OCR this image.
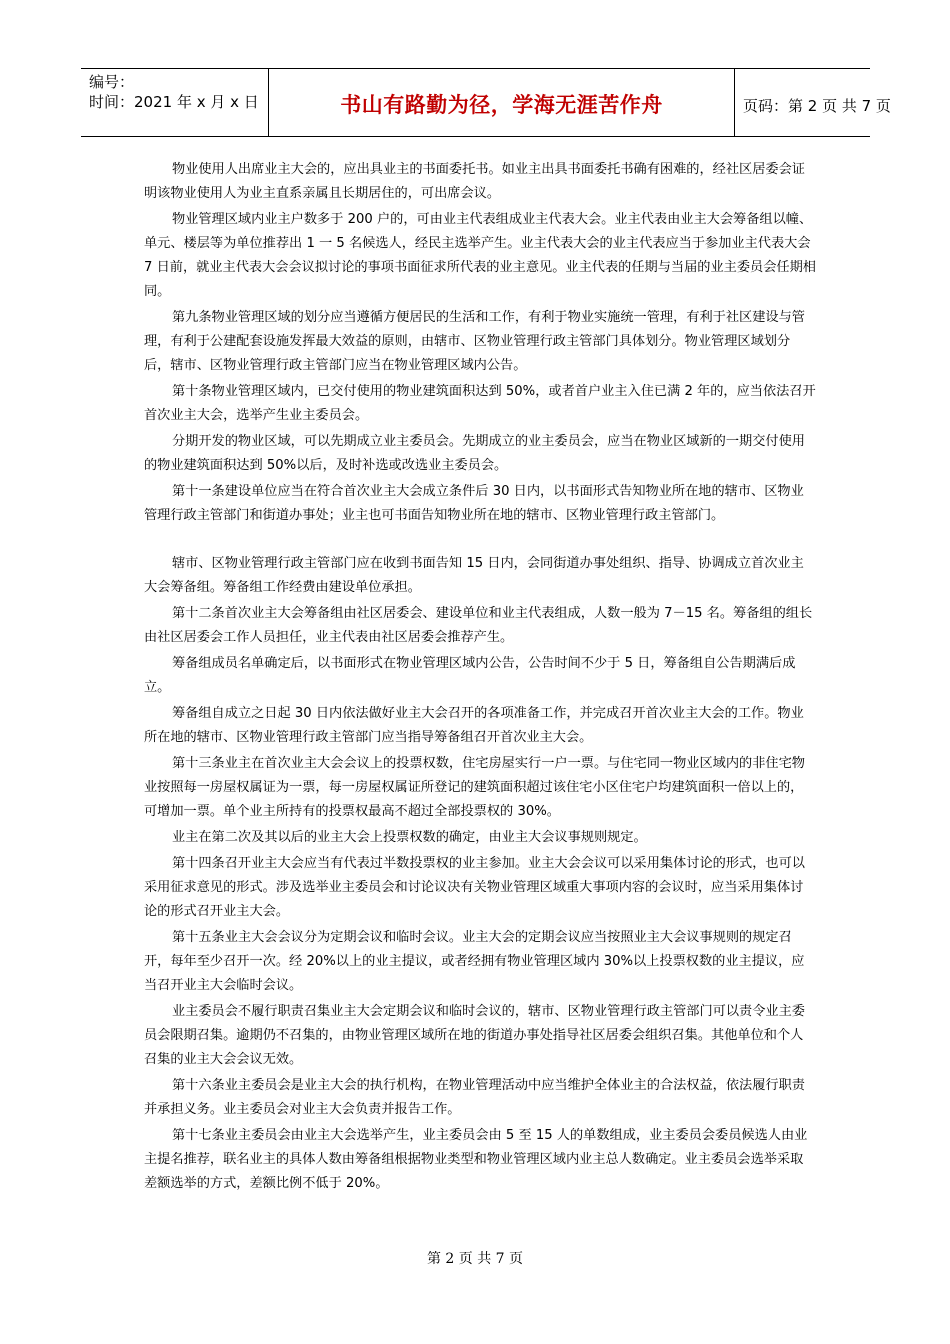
编号：
时间：2021 年 x 月 x 日	书山有路勤为径，学海无涯苦作舟	页码：第 2 页 共 7 页

物业使用人出席业主大会的，应出具业主的书面委托书。如业主出具书面委托书确有困难的，经社区居委会证明该物业使用人为业主直系亲属且长期居住的，可出席会议。

物业管理区域内业主户数多于 200 户的，可由业主代表组成业主代表大会。业主代表由业主大会筹备组以幢、单元、楼层等为单位推荐出 1 一 5 名候选人，经民主选举产生。业主代表大会的业主代表应当于参加业主代表大会 7 日前，就业主代表大会会议拟讨论的事项书面征求所代表的业主意见。业主代表的任期与当届的业主委员会任期相同。

第九条物业管理区域的划分应当遵循方便居民的生活和工作，有利于物业实施统一管理，有利于社区建设与管理，有利于公建配套设施发挥最大效益的原则，由辖市、区物业管理行政主管部门具体划分。物业管理区域划分后，辖市、区物业管理行政主管部门应当在物业管理区域内公告。

第十条物业管理区域内，已交付使用的物业建筑面积达到 50%，或者首户业主入住已满 2 年的，应当依法召开首次业主大会，选举产生业主委员会。

分期开发的物业区域，可以先期成立业主委员会。先期成立的业主委员会，应当在物业区域新的一期交付使用的物业建筑面积达到 50%以后，及时补选或改选业主委员会。

第十一条建设单位应当在符合首次业主大会成立条件后 30 日内，以书面形式告知物业所在地的辖市、区物业管理行政主管部门和街道办事处；业主也可书面告知物业所在地的辖市、区物业管理行政主管部门。

辖市、区物业管理行政主管部门应在收到书面告知 15 日内，会同街道办事处组织、指导、协调成立首次业主大会筹备组。筹备组工作经费由建设单位承担。

第十二条首次业主大会筹备组由社区居委会、建设单位和业主代表组成，人数一般为 7－15 名。筹备组的组长由社区居委会工作人员担任，业主代表由社区居委会推荐产生。

筹备组成员名单确定后，以书面形式在物业管理区域内公告，公告时间不少于 5 日，筹备组自公告期满后成立。

筹备组自成立之日起 30 日内依法做好业主大会召开的各项准备工作，并完成召开首次业主大会的工作。物业所在地的辖市、区物业管理行政主管部门应当指导筹备组召开首次业主大会。

第十三条业主在首次业主大会会议上的投票权数，住宅房屋实行一户一票。与住宅同一物业区域内的非住宅物业按照每一房屋权属证为一票，每一房屋权属证所登记的建筑面积超过该住宅小区住宅户均建筑面积一倍以上的，可增加一票。单个业主所持有的投票权最高不超过全部投票权的 30%。

业主在第二次及其以后的业主大会上投票权数的确定，由业主大会议事规则规定。

第十四条召开业主大会应当有代表过半数投票权的业主参加。业主大会会议可以采用集体讨论的形式，也可以采用征求意见的形式。涉及选举业主委员会和讨论议决有关物业管理区域重大事项内容的会议时，应当采用集体讨论的形式召开业主大会。

第十五条业主大会会议分为定期会议和临时会议。业主大会的定期会议应当按照业主大会议事规则的规定召开，每年至少召开一次。经 20%以上的业主提议，或者经拥有物业管理区域内 30%以上投票权数的业主提议，应当召开业主大会临时会议。

业主委员会不履行职责召集业主大会定期会议和临时会议的，辖市、区物业管理行政主管部门可以责令业主委员会限期召集。逾期仍不召集的，由物业管理区域所在地的街道办事处指导社区居委会组织召集。其他单位和个人召集的业主大会会议无效。

第十六条业主委员会是业主大会的执行机构，在物业管理活动中应当维护全体业主的合法权益，依法履行职责并承担义务。业主委员会对业主大会负责并报告工作。

第十七条业主委员会由业主大会选举产生，业主委员会由 5 至 15 人的单数组成，业主委员会委员候选人由业主提名推荐，联名业主的具体人数由筹备组根据物业类型和物业管理区域内业主总人数确定。业主委员会选举采取差额选举的方式，差额比例不低于 20%。

第 2 页 共 7 页
